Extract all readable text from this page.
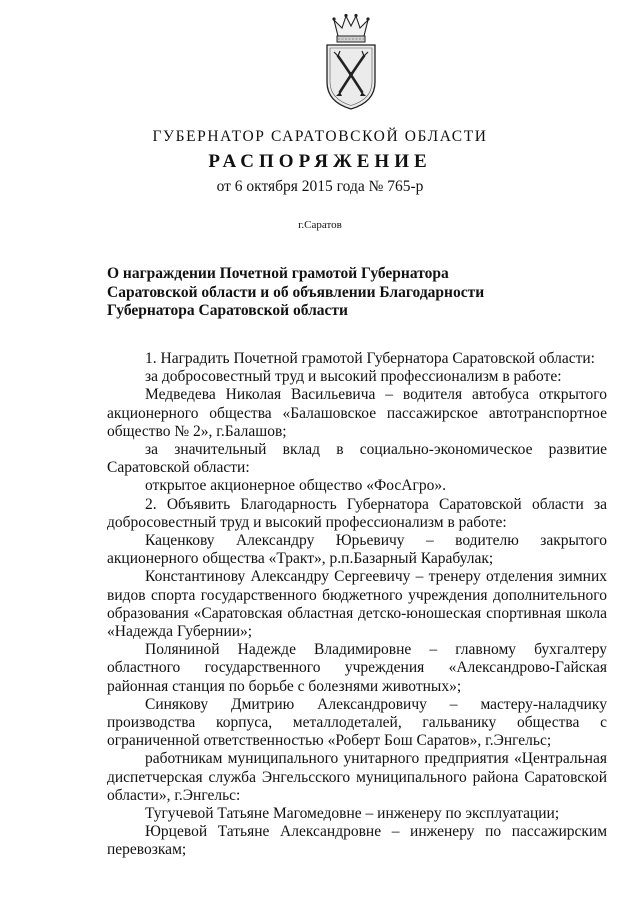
ГУБЕРНАТОР САРАТОВСКОЙ ОБЛАСТИ
РАСПОРЯЖЕНИЕ
от 6 октября 2015 года № 765-р
г.Саратов
О награждении Почетной грамотой Губернатора
Саратовской области и об объявлении Благодарности
Губернатора Саратовской области
1. Наградить Почетной грамотой Губернатора Саратовской области:
за добросовестный труд и высокий профессионализм в работе:
Медведева Николая Васильевича – водителя автобуса открытого акционерного общества «Балашовское пассажирское автотранспортное общество № 2», г.Балашов;
за значительный вклад в социально-экономическое развитие Саратовской области:
открытое акционерное общество «ФосАгро».
2. Объявить Благодарность Губернатора Саратовской области за добросовестный труд и высокий профессионализм в работе:
Каценкову Александру Юрьевичу – водителю закрытого акционерного общества «Тракт», р.п.Базарный Карабулак;
Константинову Александру Сергеевичу – тренеру отделения зимних видов спорта государственного бюджетного учреждения дополнительного образования «Саратовская областная детско-юношеская спортивная школа «Надежда Губернии»;
Поляниной Надежде Владимировне – главному бухгалтеру областного государственного учреждения «Александрово-Гайская районная станция по борьбе с болезнями животных»;
Синякову Дмитрию Александровичу – мастеру-наладчику производства корпуса, металлодеталей, гальванику общества с ограниченной ответственностью «Роберт Бош Саратов», г.Энгельс;
работникам муниципального унитарного предприятия «Центральная диспетчерская служба Энгельсского муниципального района Саратовской области», г.Энгельс:
Тугучевой Татьяне Магомедовне – инженеру по эксплуатации;
Юрцевой Татьяне Александровне – инженеру по пассажирским перевозкам;
